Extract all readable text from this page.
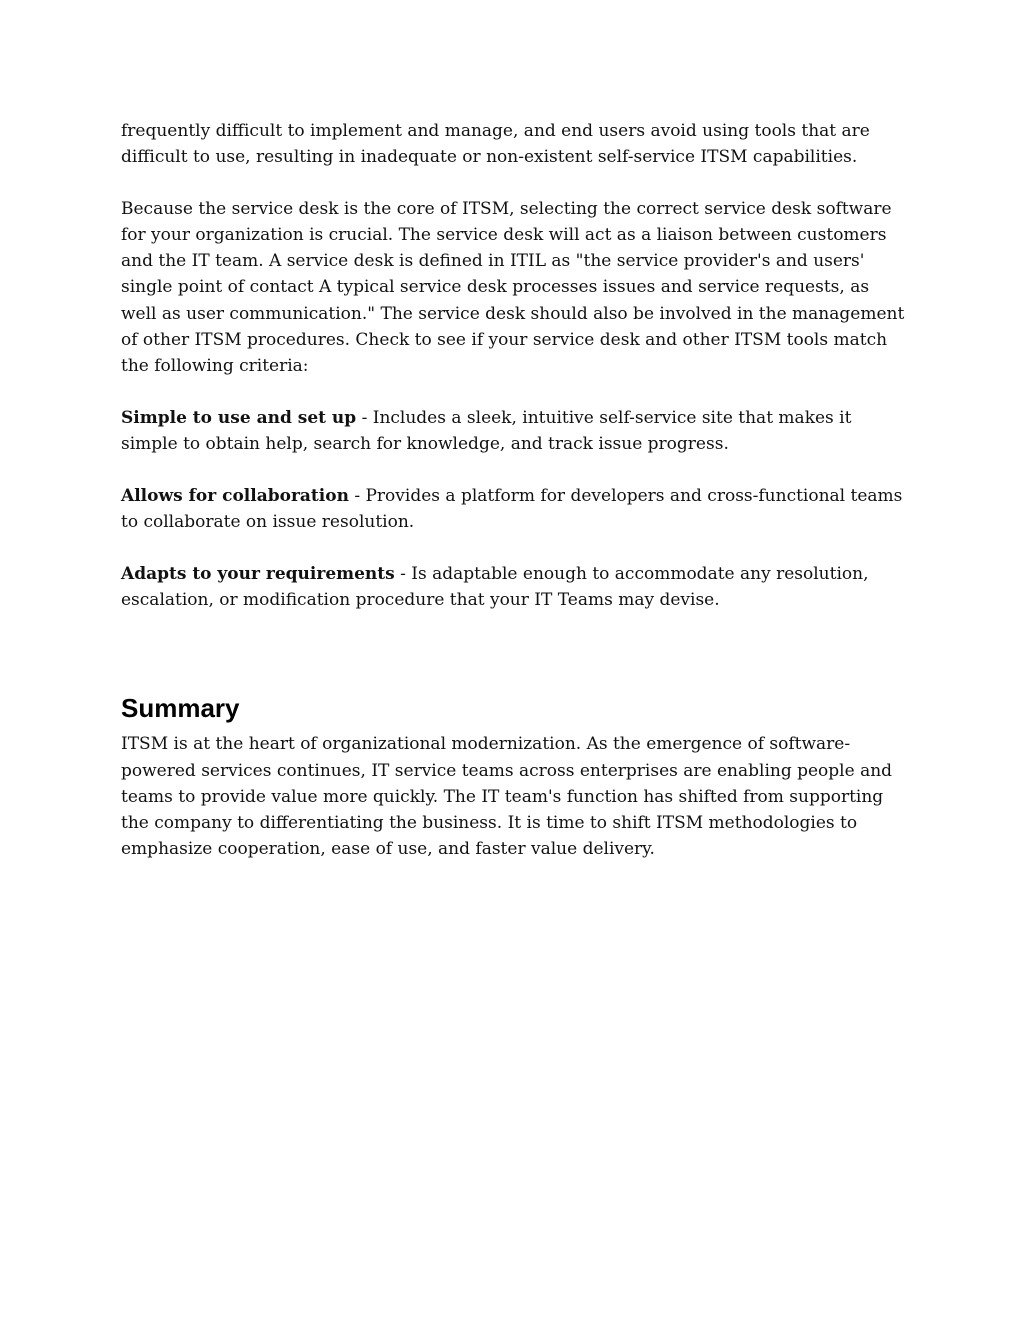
frequently difficult to implement and manage, and end users avoid using tools that are difficult to use, resulting in inadequate or non-existent self-service ITSM capabilities.

Because the service desk is the core of ITSM, selecting the correct service desk software for your organization is crucial. The service desk will act as a liaison between customers and the IT team. A service desk is defined in ITIL as "the service provider's and users' single point of contact A typical service desk processes issues and service requests, as well as user communication." The service desk should also be involved in the management of other ITSM procedures. Check to see if your service desk and other ITSM tools match the following criteria:

Simple to use and set up - Includes a sleek, intuitive self-service site that makes it simple to obtain help, search for knowledge, and track issue progress.

Allows for collaboration - Provides a platform for developers and cross-functional teams to collaborate on issue resolution.

Adapts to your requirements - Is adaptable enough to accommodate any resolution, escalation, or modification procedure that your IT Teams may devise.

Summary

ITSM is at the heart of organizational modernization. As the emergence of software-powered services continues, IT service teams across enterprises are enabling people and teams to provide value more quickly. The IT team's function has shifted from supporting the company to differentiating the business. It is time to shift ITSM methodologies to emphasize cooperation, ease of use, and faster value delivery.
